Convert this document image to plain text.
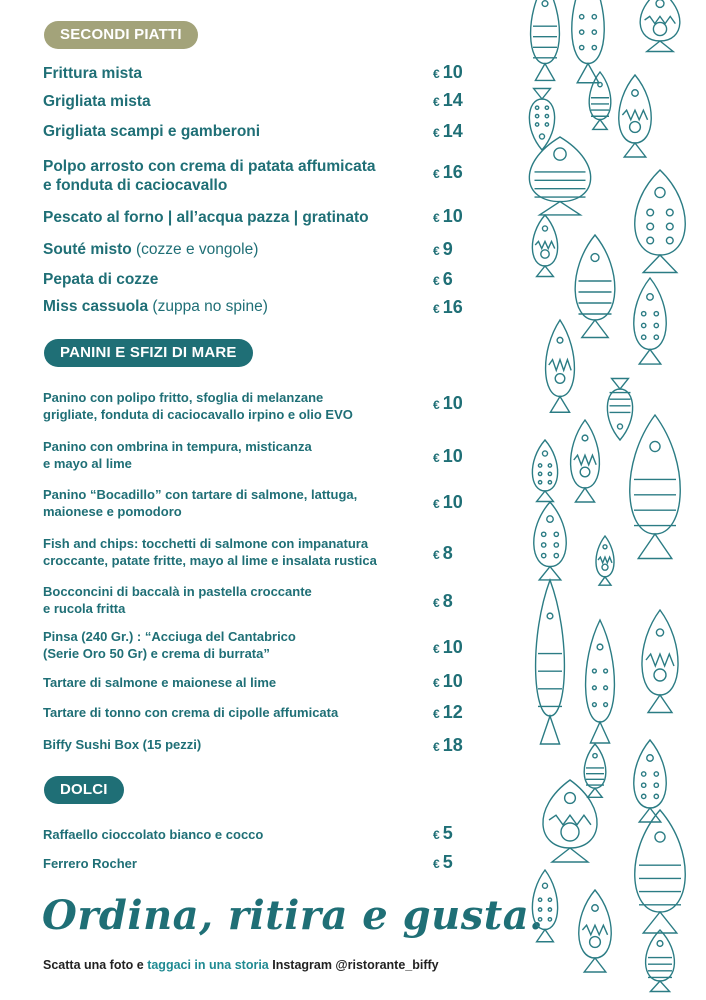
SECONDI PIATTI
Frittura mista	€ 10
Grigliata mista	€ 14
Grigliata scampi e gamberoni	€ 14
Polpo arrosto con crema di patata affumicata
e fonduta di caciocavallo
€ 16
Pescato al forno | all’acqua pazza | gratinato	€ 10
Souté misto (cozze e vongole)	€ 9
Pepata di cozze	€ 6
Miss cassuola (zuppa no spine)	€ 16
PANINI E SFIZI DI MARE
Panino con polipo fritto, sfoglia di melanzane
grigliate, fonduta di caciocavallo irpino e olio EVO
€ 10
Panino con ombrina in tempura, misticanza
e mayo al lime	€ 10
Panino “Bocadillo” con tartare di salmone, lattuga,
maionese e pomodoro	€ 10
Fish and chips: tocchetti di salmone con impanatura
croccante, patate fritte, mayo al lime e insalata rustica	€ 8
Bocconcini di baccalà in pastella croccante
e rucola fritta	€ 8
Pinsa (240 Gr.) : “Acciuga del Cantabrico
(Serie Oro 50 Gr) e crema di burrata”	€ 10
Tartare di salmone e maionese al lime	€ 10
Tartare di tonno con crema di cipolle affumicata	€ 12
Biffy Sushi Box (15 pezzi)	€ 18
DOLCI
Raffaello cioccolato bianco e cocco	€ 5
Ferrero Rocher	€ 5
Ordina, ritira e gusta.
Scatta una foto e taggaci in una storia Instagram @ristorante_biffy
